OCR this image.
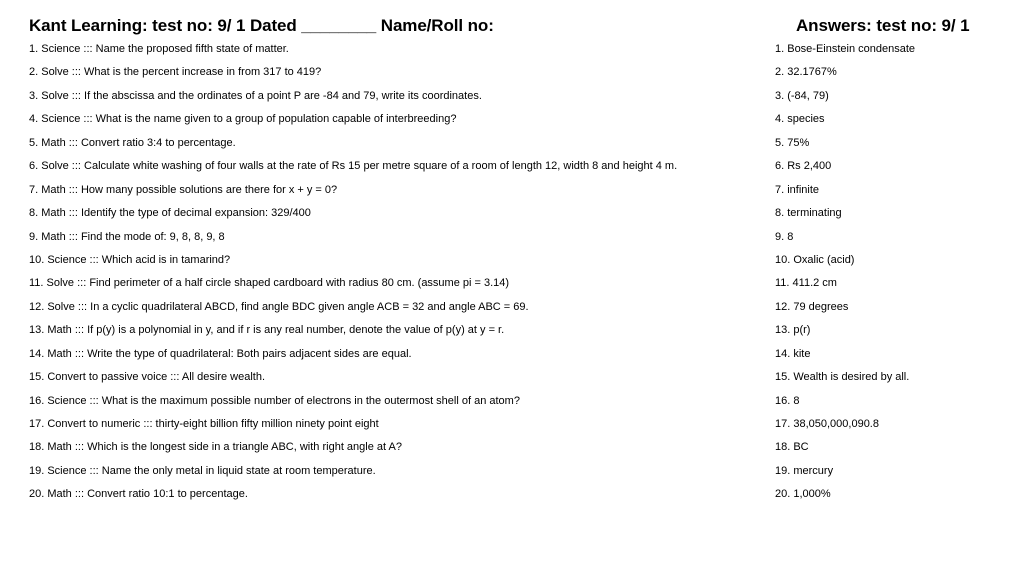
Kant Learning: test no: 9/ 1 Dated ________ Name/Roll no:	Answers: test no: 9/ 1
1. Science ::: Name the proposed fifth state of matter.
2. Solve ::: What is the percent increase in from 317 to 419?
3. Solve ::: If the abscissa and the ordinates of a point P are -84 and 79, write its coordinates.
4. Science ::: What is the name given to a group of population capable of interbreeding?
5. Math ::: Convert ratio 3:4 to percentage.
6. Solve ::: Calculate white washing of four walls at the rate of Rs 15 per metre square of a room of length 12, width 8 and height 4 m.
7. Math ::: How many possible solutions are there for x + y = 0?
8. Math ::: Identify the type of decimal expansion: 329/400
9. Math ::: Find the mode of: 9, 8, 8, 9, 8
10. Science ::: Which acid is in tamarind?
11. Solve ::: Find perimeter of a half circle shaped cardboard with radius 80 cm. (assume pi = 3.14)
12. Solve ::: In a cyclic quadrilateral ABCD, find angle BDC given angle ACB = 32 and angle ABC = 69.
13. Math ::: If p(y) is a polynomial in y, and if r is any real number, denote the value of p(y) at y = r.
14. Math ::: Write the type of quadrilateral: Both pairs adjacent sides are equal.
15. Convert to passive voice ::: All desire wealth.
16. Science ::: What is the maximum possible number of electrons in the outermost shell of an atom?
17. Convert to numeric ::: thirty-eight billion fifty million ninety point eight
18. Math ::: Which is the longest side in a triangle ABC, with right angle at A?
19. Science ::: Name the only metal in liquid state at room temperature.
20. Math ::: Convert ratio 10:1 to percentage.
1. Bose-Einstein condensate
2. 32.1767%
3. (-84, 79)
4. species
5. 75%
6. Rs 2,400
7. infinite
8. terminating
9. 8
10. Oxalic (acid)
11. 411.2 cm
12. 79 degrees
13. p(r)
14. kite
15. Wealth is desired by all.
16. 8
17. 38,050,000,090.8
18. BC
19. mercury
20. 1,000%
